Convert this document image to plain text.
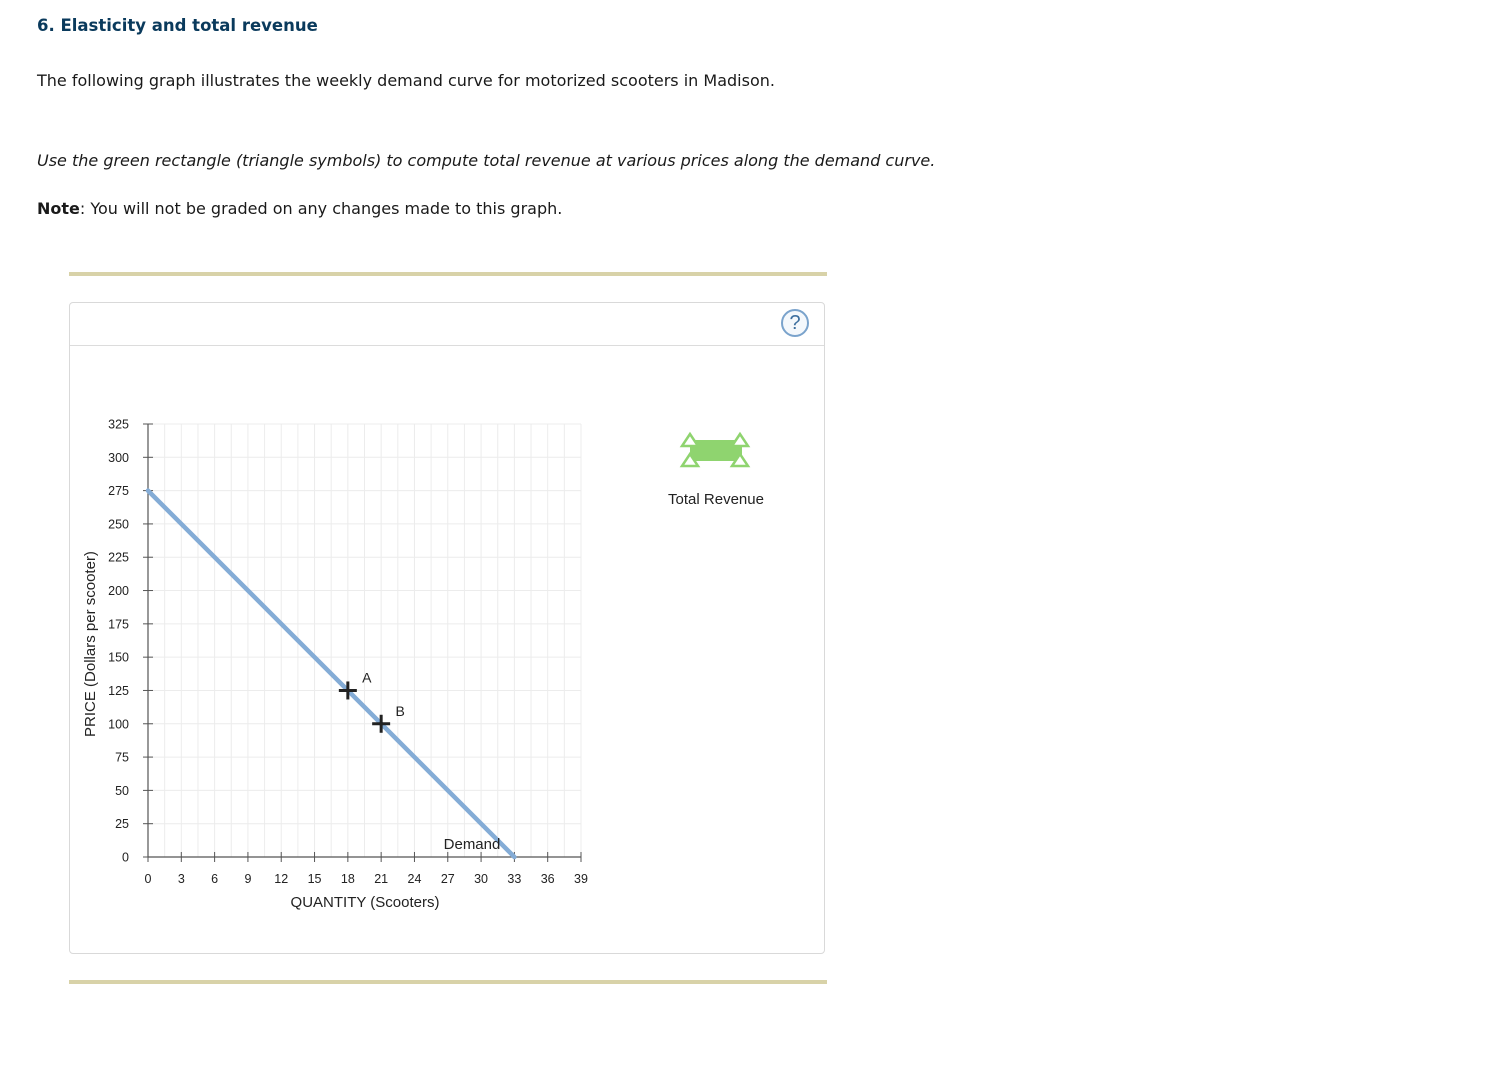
6. Elasticity and total revenue

The following graph illustrates the weekly demand curve for motorized scooters in Madison.

Use the green rectangle (triangle symbols) to compute total revenue at various prices along the demand curve.

Note: You will not be graded on any changes made to this graph.

?
0
25
50
75
100
125
150
175
200
225
250
275
300
325
0 3 6 9 12 15 18 21 24 27 30 33 36 39
A
B
QUANTITY (Scooters)
PRICE (Dollars per scooter)
Demand
Total Revenue
